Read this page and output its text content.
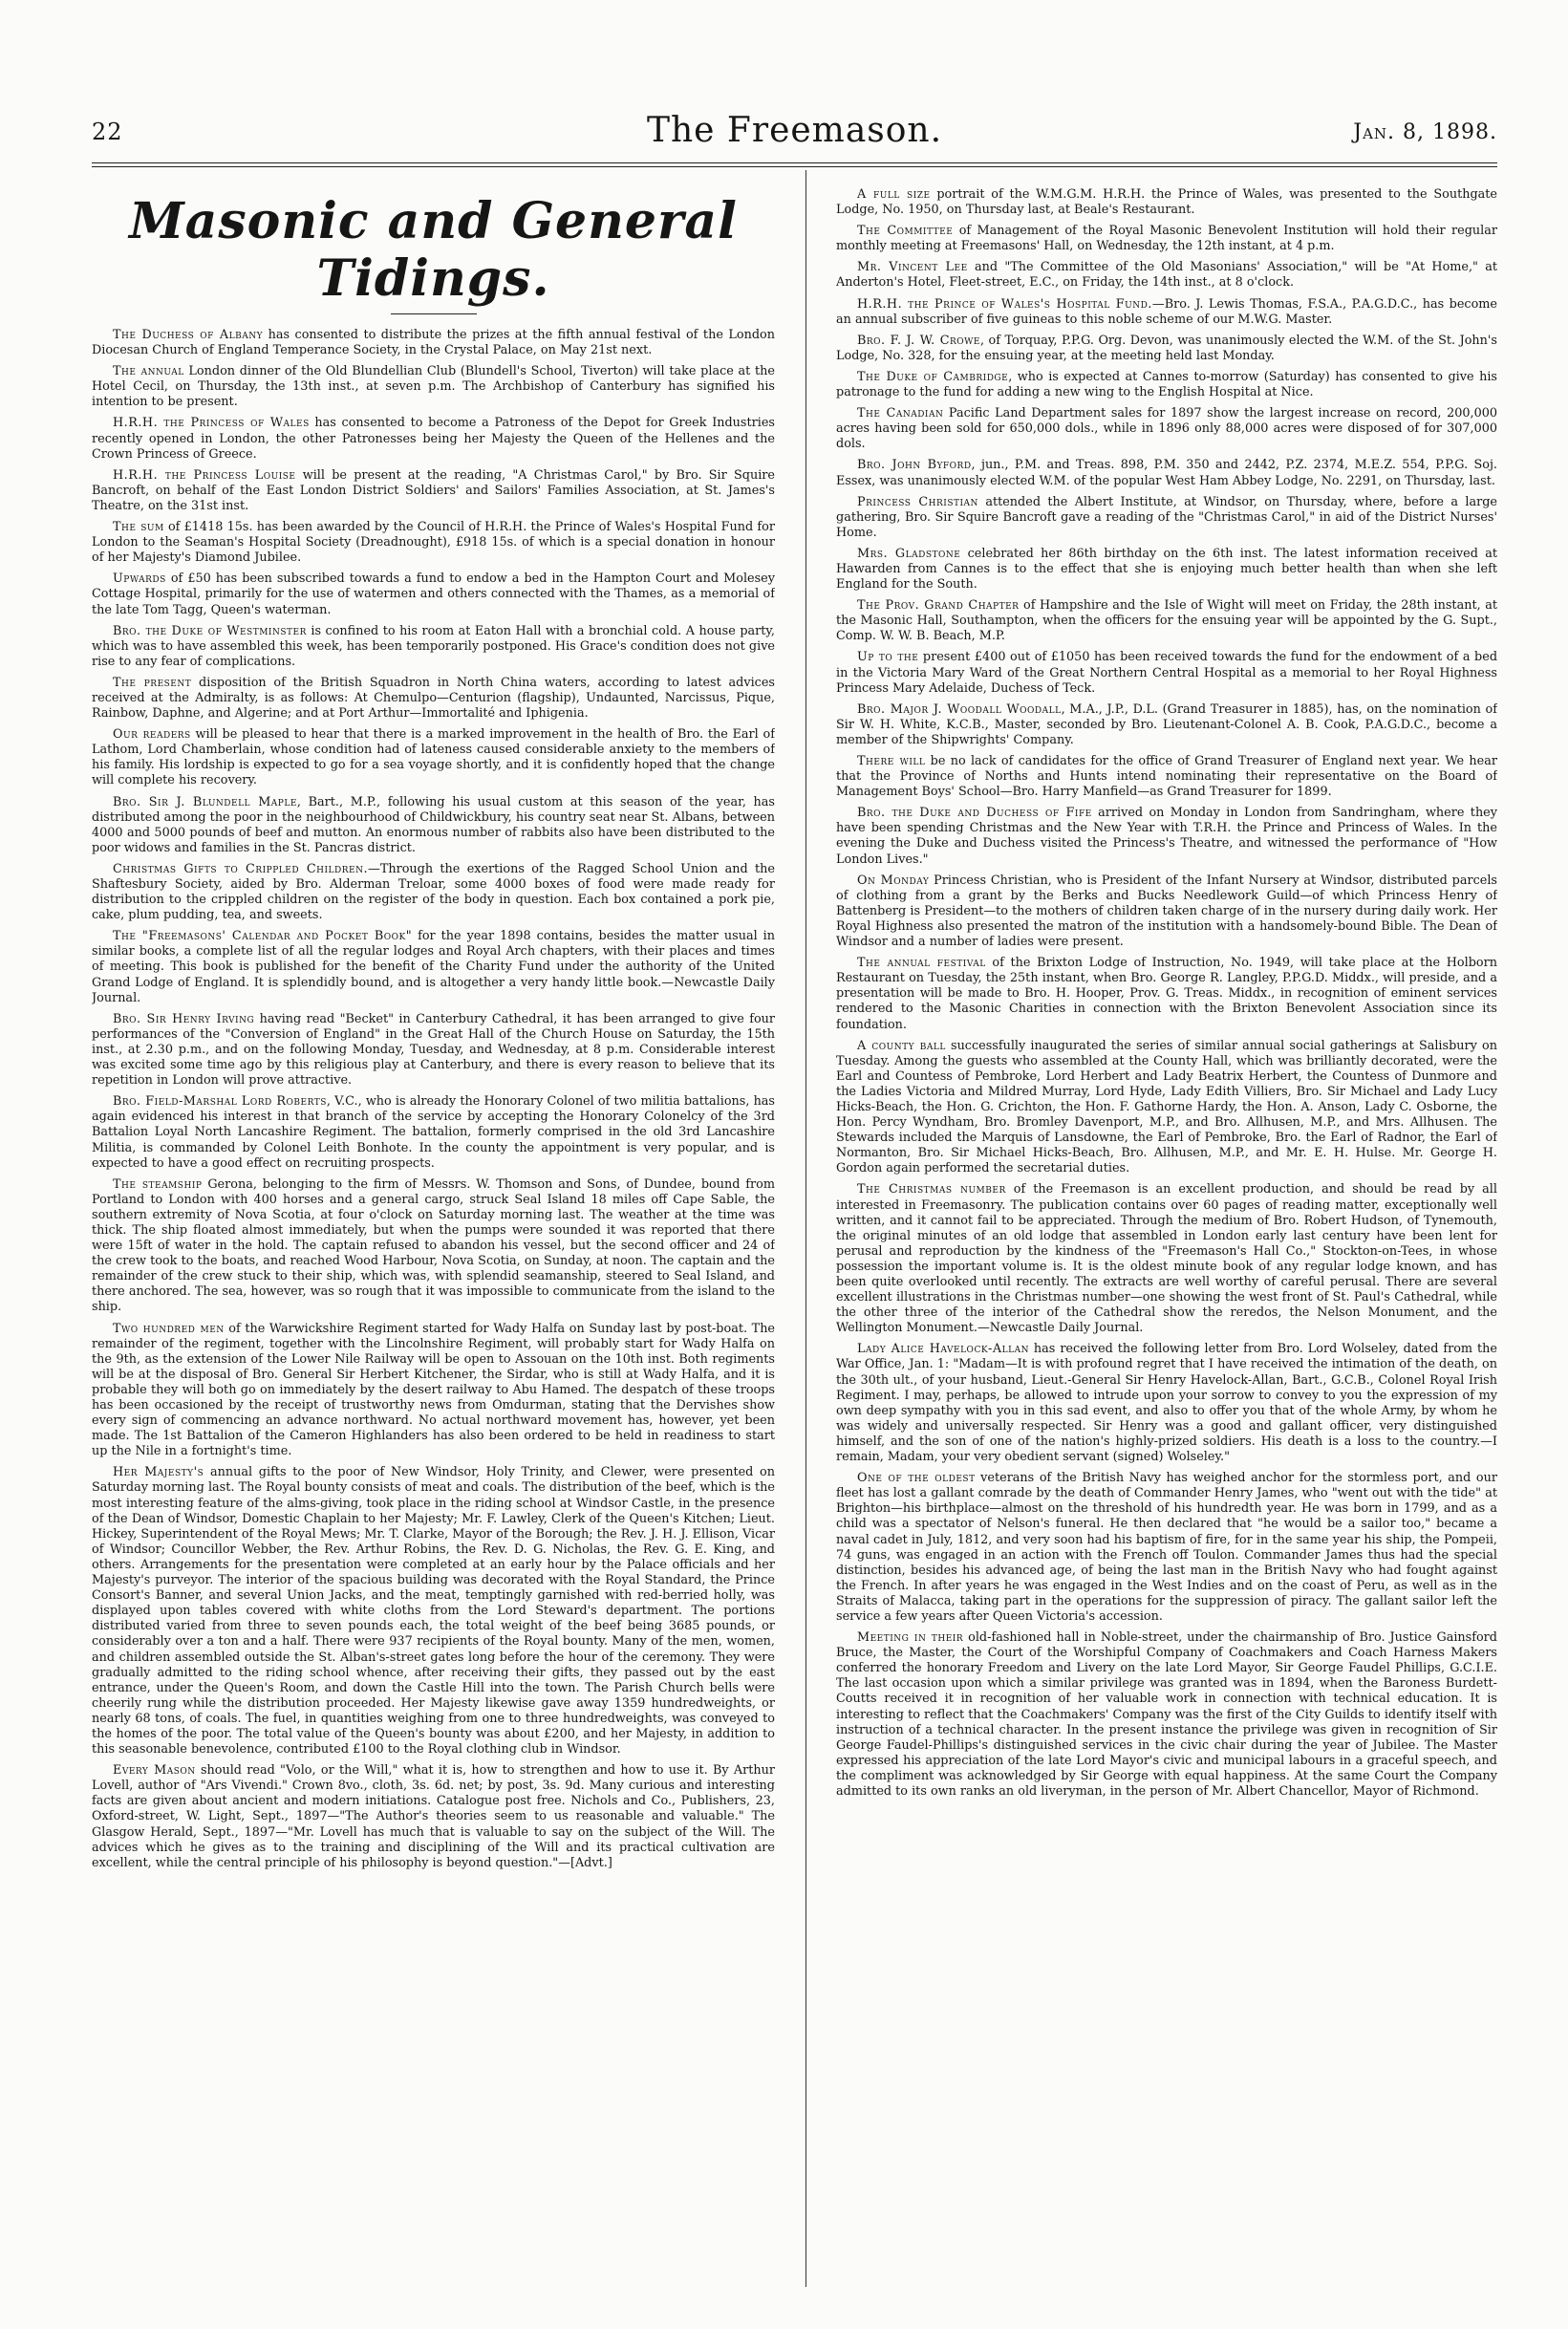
22	The Freemason.	Jan. 8, 1898.
Masonic and General Tidings.

The Duchess of Albany has consented to distribute the prizes at the fifth annual festival of the London Diocesan Church of England Temperance Society, in the Crystal Palace, on May 21st next.

The annual London dinner of the Old Blundellian Club (Blundell's School, Tiverton) will take place at the Hotel Cecil, on Thursday, the 13th inst., at seven p.m. The Archbishop of Canterbury has signified his intention to be present.

H.R.H. the Princess of Wales has consented to become a Patroness of the Depot for Greek Industries recently opened in London, the other Patronesses being her Majesty the Queen of the Hellenes and the Crown Princess of Greece.

H.R.H. the Princess Louise will be present at the reading, "A Christmas Carol," by Bro. Sir Squire Bancroft, on behalf of the East London District Soldiers' and Sailors' Families Association, at St. James's Theatre, on the 31st inst.

The sum of £1418 15s. has been awarded by the Council of H.R.H. the Prince of Wales's Hospital Fund for London to the Seaman's Hospital Society (Dreadnought), £918 15s. of which is a special donation in honour of her Majesty's Diamond Jubilee.

Upwards of £50 has been subscribed towards a fund to endow a bed in the Hampton Court and Molesey Cottage Hospital, primarily for the use of watermen and others connected with the Thames, as a memorial of the late Tom Tagg, Queen's waterman.

Bro. the Duke of Westminster is confined to his room at Eaton Hall with a bronchial cold. A house party, which was to have assembled this week, has been temporarily postponed. His Grace's condition does not give rise to any fear of complications.

The present disposition of the British Squadron in North China waters, according to latest advices received at the Admiralty, is as follows: At Chemulpo—Centurion (flagship), Undaunted, Narcissus, Pique, Rainbow, Daphne, and Algerine; and at Port Arthur—Immortalité and Iphigenia.

Our readers will be pleased to hear that there is a marked improvement in the health of Bro. the Earl of Lathom, Lord Chamberlain, whose condition had of lateness caused considerable anxiety to the members of his family. His lordship is expected to go for a sea voyage shortly, and it is confidently hoped that the change will complete his recovery.

Bro. Sir J. Blundell Maple, Bart., M.P., following his usual custom at this season of the year, has distributed among the poor in the neighbourhood of Childwickbury, his country seat near St. Albans, between 4000 and 5000 pounds of beef and mutton. An enormous number of rabbits also have been distributed to the poor widows and families in the St. Pancras district.

Christmas Gifts to Crippled Children.—Through the exertions of the Ragged School Union and the Shaftesbury Society, aided by Bro. Alderman Treloar, some 4000 boxes of food were made ready for distribution to the crippled children on the register of the body in question. Each box contained a pork pie, cake, plum pudding, tea, and sweets.

The "Freemasons' Calendar and Pocket Book" for the year 1898 contains, besides the matter usual in similar books, a complete list of all the regular lodges and Royal Arch chapters, with their places and times of meeting. This book is published for the benefit of the Charity Fund under the authority of the United Grand Lodge of England. It is splendidly bound, and is altogether a very handy little book.—Newcastle Daily Journal.

Bro. Sir Henry Irving having read "Becket" in Canterbury Cathedral, it has been arranged to give four performances of the "Conversion of England" in the Great Hall of the Church House on Saturday, the 15th inst., at 2.30 p.m., and on the following Monday, Tuesday, and Wednesday, at 8 p.m. Considerable interest was excited some time ago by this religious play at Canterbury, and there is every reason to believe that its repetition in London will prove attractive.

Bro. Field-Marshal Lord Roberts, V.C., who is already the Honorary Colonel of two militia battalions, has again evidenced his interest in that branch of the service by accepting the Honorary Colonelcy of the 3rd Battalion Loyal North Lancashire Regiment. The battalion, formerly comprised in the old 3rd Lancashire Militia, is commanded by Colonel Leith Bonhote. In the county the appointment is very popular, and is expected to have a good effect on recruiting prospects.

The steamship Gerona, belonging to the firm of Messrs. W. Thomson and Sons, of Dundee, bound from Portland to London with 400 horses and a general cargo, struck Seal Island 18 miles off Cape Sable, the southern extremity of Nova Scotia, at four o'clock on Saturday morning last. The weather at the time was thick. The ship floated almost immediately, but when the pumps were sounded it was reported that there were 15ft of water in the hold. The captain refused to abandon his vessel, but the second officer and 24 of the crew took to the boats, and reached Wood Harbour, Nova Scotia, on Sunday, at noon. The captain and the remainder of the crew stuck to their ship, which was, with splendid seamanship, steered to Seal Island, and there anchored. The sea, however, was so rough that it was impossible to communicate from the island to the ship.

Two hundred men of the Warwickshire Regiment started for Wady Halfa on Sunday last by post-boat. The remainder of the regiment, together with the Lincolnshire Regiment, will probably start for Wady Halfa on the 9th, as the extension of the Lower Nile Railway will be open to Assouan on the 10th inst. Both regiments will be at the disposal of Bro. General Sir Herbert Kitchener, the Sirdar, who is still at Wady Halfa, and it is probable they will both go on immediately by the desert railway to Abu Hamed. The despatch of these troops has been occasioned by the receipt of trustworthy news from Omdurman, stating that the Dervishes show every sign of commencing an advance northward. No actual northward movement has, however, yet been made. The 1st Battalion of the Cameron Highlanders has also been ordered to be held in readiness to start up the Nile in a fortnight's time.

Her Majesty's annual gifts to the poor of New Windsor, Holy Trinity, and Clewer, were presented on Saturday morning last. The Royal bounty consists of meat and coals. The distribution of the beef, which is the most interesting feature of the alms-giving, took place in the riding school at Windsor Castle, in the presence of the Dean of Windsor, Domestic Chaplain to her Majesty; Mr. F. Lawley, Clerk of the Queen's Kitchen; Lieut. Hickey, Superintendent of the Royal Mews; Mr. T. Clarke, Mayor of the Borough; the Rev. J. H. J. Ellison, Vicar of Windsor; Councillor Webber, the Rev. Arthur Robins, the Rev. D. G. Nicholas, the Rev. G. E. King, and others. Arrangements for the presentation were completed at an early hour by the Palace officials and her Majesty's purveyor. The interior of the spacious building was decorated with the Royal Standard, the Prince Consort's Banner, and several Union Jacks, and the meat, temptingly garnished with red-berried holly, was displayed upon tables covered with white cloths from the Lord Steward's department. The portions distributed varied from three to seven pounds each, the total weight of the beef being 3685 pounds, or considerably over a ton and a half. There were 937 recipients of the Royal bounty. Many of the men, women, and children assembled outside the St. Alban's-street gates long before the hour of the ceremony. They were gradually admitted to the riding school whence, after receiving their gifts, they passed out by the east entrance, under the Queen's Room, and down the Castle Hill into the town. The Parish Church bells were cheerily rung while the distribution proceeded. Her Majesty likewise gave away 1359 hundredweights, or nearly 68 tons, of coals. The fuel, in quantities weighing from one to three hundredweights, was conveyed to the homes of the poor. The total value of the Queen's bounty was about £200, and her Majesty, in addition to this seasonable benevolence, contributed £100 to the Royal clothing club in Windsor.

Every Mason should read "Volo, or the Will," what it is, how to strengthen and how to use it. By Arthur Lovell, author of "Ars Vivendi." Crown 8vo., cloth, 3s. 6d. net; by post, 3s. 9d. Many curious and interesting facts are given about ancient and modern initiations. Catalogue post free. Nichols and Co., Publishers, 23, Oxford-street, W. Light, Sept., 1897—"The Author's theories seem to us reasonable and valuable." The Glasgow Herald, Sept., 1897—"Mr. Lovell has much that is valuable to say on the subject of the Will. The advices which he gives as to the training and disciplining of the Will and its practical cultivation are excellent, while the central principle of his philosophy is beyond question."—[Advt.]

A full size portrait of the W.M.G.M. H.R.H. the Prince of Wales, was presented to the Southgate Lodge, No. 1950, on Thursday last, at Beale's Restaurant.

The Committee of Management of the Royal Masonic Benevolent Institution will hold their regular monthly meeting at Freemasons' Hall, on Wednesday, the 12th instant, at 4 p.m.

Mr. Vincent Lee and "The Committee of the Old Masonians' Association," will be "At Home," at Anderton's Hotel, Fleet-street, E.C., on Friday, the 14th inst., at 8 o'clock.

H.R.H. the Prince of Wales's Hospital Fund.—Bro. J. Lewis Thomas, F.S.A., P.A.G.D.C., has become an annual subscriber of five guineas to this noble scheme of our M.W.G. Master.

Bro. F. J. W. Crowe, of Torquay, P.P.G. Org. Devon, was unanimously elected the W.M. of the St. John's Lodge, No. 328, for the ensuing year, at the meeting held last Monday.

The Duke of Cambridge, who is expected at Cannes to-morrow (Saturday) has consented to give his patronage to the fund for adding a new wing to the English Hospital at Nice.

The Canadian Pacific Land Department sales for 1897 show the largest increase on record, 200,000 acres having been sold for 650,000 dols., while in 1896 only 88,000 acres were disposed of for 307,000 dols.

Bro. John Byford, jun., P.M. and Treas. 898, P.M. 350 and 2442, P.Z. 2374, M.E.Z. 554, P.P.G. Soj. Essex, was unanimously elected W.M. of the popular West Ham Abbey Lodge, No. 2291, on Thursday, last.

Princess Christian attended the Albert Institute, at Windsor, on Thursday, where, before a large gathering, Bro. Sir Squire Bancroft gave a reading of the "Christmas Carol," in aid of the District Nurses' Home.

Mrs. Gladstone celebrated her 86th birthday on the 6th inst. The latest information received at Hawarden from Cannes is to the effect that she is enjoying much better health than when she left England for the South.

The Prov. Grand Chapter of Hampshire and the Isle of Wight will meet on Friday, the 28th instant, at the Masonic Hall, Southampton, when the officers for the ensuing year will be appointed by the G. Supt., Comp. W. W. B. Beach, M.P.

Up to the present £400 out of £1050 has been received towards the fund for the endowment of a bed in the Victoria Mary Ward of the Great Northern Central Hospital as a memorial to her Royal Highness Princess Mary Adelaide, Duchess of Teck.

Bro. Major J. Woodall Woodall, M.A., J.P., D.L. (Grand Treasurer in 1885), has, on the nomination of Sir W. H. White, K.C.B., Master, seconded by Bro. Lieutenant-Colonel A. B. Cook, P.A.G.D.C., become a member of the Shipwrights' Company.

There will be no lack of candidates for the office of Grand Treasurer of England next year. We hear that the Province of Norths and Hunts intend nominating their representative on the Board of Management Boys' School—Bro. Harry Manfield—as Grand Treasurer for 1899.

Bro. the Duke and Duchess of Fife arrived on Monday in London from Sandringham, where they have been spending Christmas and the New Year with T.R.H. the Prince and Princess of Wales. In the evening the Duke and Duchess visited the Princess's Theatre, and witnessed the performance of "How London Lives."

On Monday Princess Christian, who is President of the Infant Nursery at Windsor, distributed parcels of clothing from a grant by the Berks and Bucks Needlework Guild—of which Princess Henry of Battenberg is President—to the mothers of children taken charge of in the nursery during daily work. Her Royal Highness also presented the matron of the institution with a handsomely-bound Bible. The Dean of Windsor and a number of ladies were present.

The annual festival of the Brixton Lodge of Instruction, No. 1949, will take place at the Holborn Restaurant on Tuesday, the 25th instant, when Bro. George R. Langley, P.P.G.D. Middx., will preside, and a presentation will be made to Bro. H. Hooper, Prov. G. Treas. Middx., in recognition of eminent services rendered to the Masonic Charities in connection with the Brixton Benevolent Association since its foundation.

A county ball successfully inaugurated the series of similar annual social gatherings at Salisbury on Tuesday. Among the guests who assembled at the County Hall, which was brilliantly decorated, were the Earl and Countess of Pembroke, Lord Herbert and Lady Beatrix Herbert, the Countess of Dunmore and the Ladies Victoria and Mildred Murray, Lord Hyde, Lady Edith Villiers, Bro. Sir Michael and Lady Lucy Hicks-Beach, the Hon. G. Crichton, the Hon. F. Gathorne Hardy, the Hon. A. Anson, Lady C. Osborne, the Hon. Percy Wyndham, Bro. Bromley Davenport, M.P., and Bro. Allhusen, M.P., and Mrs. Allhusen. The Stewards included the Marquis of Lansdowne, the Earl of Pembroke, Bro. the Earl of Radnor, the Earl of Normanton, Bro. Sir Michael Hicks-Beach, Bro. Allhusen, M.P., and Mr. E. H. Hulse. Mr. George H. Gordon again performed the secretarial duties.

The Christmas number of the Freemason is an excellent production, and should be read by all interested in Freemasonry. The publication contains over 60 pages of reading matter, exceptionally well written, and it cannot fail to be appreciated. Through the medium of Bro. Robert Hudson, of Tynemouth, the original minutes of an old lodge that assembled in London early last century have been lent for perusal and reproduction by the kindness of the "Freemason's Hall Co.," Stockton-on-Tees, in whose possession the important volume is. It is the oldest minute book of any regular lodge known, and has been quite overlooked until recently. The extracts are well worthy of careful perusal. There are several excellent illustrations in the Christmas number—one showing the west front of St. Paul's Cathedral, while the other three of the interior of the Cathedral show the reredos, the Nelson Monument, and the Wellington Monument.—Newcastle Daily Journal.

Lady Alice Havelock-Allan has received the following letter from Bro. Lord Wolseley, dated from the War Office, Jan. 1: "Madam—It is with profound regret that I have received the intimation of the death, on the 30th ult., of your husband, Lieut.-General Sir Henry Havelock-Allan, Bart., G.C.B., Colonel Royal Irish Regiment. I may, perhaps, be allowed to intrude upon your sorrow to convey to you the expression of my own deep sympathy with you in this sad event, and also to offer you that of the whole Army, by whom he was widely and universally respected. Sir Henry was a good and gallant officer, very distinguished himself, and the son of one of the nation's highly-prized soldiers. His death is a loss to the country.—I remain, Madam, your very obedient servant (signed) Wolseley."

One of the oldest veterans of the British Navy has weighed anchor for the stormless port, and our fleet has lost a gallant comrade by the death of Commander Henry James, who "went out with the tide" at Brighton—his birthplace—almost on the threshold of his hundredth year. He was born in 1799, and as a child was a spectator of Nelson's funeral. He then declared that "he would be a sailor too," became a naval cadet in July, 1812, and very soon had his baptism of fire, for in the same year his ship, the Pompeii, 74 guns, was engaged in an action with the French off Toulon. Commander James thus had the special distinction, besides his advanced age, of being the last man in the British Navy who had fought against the French. In after years he was engaged in the West Indies and on the coast of Peru, as well as in the Straits of Malacca, taking part in the operations for the suppression of piracy. The gallant sailor left the service a few years after Queen Victoria's accession.

Meeting in their old-fashioned hall in Noble-street, under the chairmanship of Bro. Justice Gainsford Bruce, the Master, the Court of the Worshipful Company of Coachmakers and Coach Harness Makers conferred the honorary Freedom and Livery on the late Lord Mayor, Sir George Faudel Phillips, G.C.I.E. The last occasion upon which a similar privilege was granted was in 1894, when the Baroness Burdett-Coutts received it in recognition of her valuable work in connection with technical education. It is interesting to reflect that the Coachmakers' Company was the first of the City Guilds to identify itself with instruction of a technical character. In the present instance the privilege was given in recognition of Sir George Faudel-Phillips's distinguished services in the civic chair during the year of Jubilee. The Master expressed his appreciation of the late Lord Mayor's civic and municipal labours in a graceful speech, and the compliment was acknowledged by Sir George with equal happiness. At the same Court the Company admitted to its own ranks an old liveryman, in the person of Mr. Albert Chancellor, Mayor of Richmond.
